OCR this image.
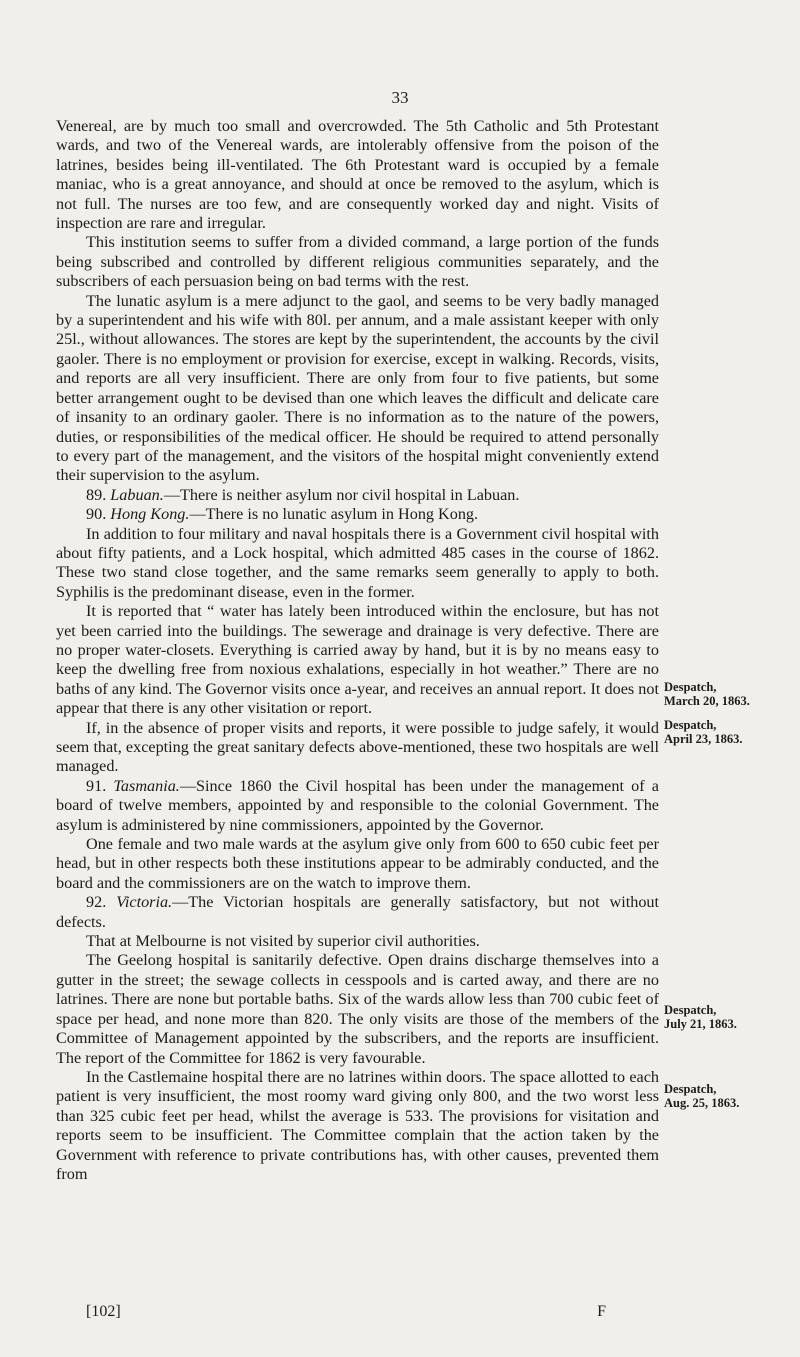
33

Venereal, are by much too small and overcrowded. The 5th Catholic and 5th Protestant wards, and two of the Venereal wards, are intolerably offensive from the poison of the latrines, besides being ill-ventilated. The 6th Protestant ward is occupied by a female maniac, who is a great annoyance, and should at once be removed to the asylum, which is not full. The nurses are too few, and are consequently worked day and night. Visits of inspection are rare and irregular.

This institution seems to suffer from a divided command, a large portion of the funds being subscribed and controlled by different religious communities separately, and the subscribers of each persuasion being on bad terms with the rest.

The lunatic asylum is a mere adjunct to the gaol, and seems to be very badly managed by a superintendent and his wife with 80l. per annum, and a male assistant keeper with only 25l., without allowances. The stores are kept by the superintendent, the accounts by the civil gaoler. There is no employment or provision for exercise, except in walking. Records, visits, and reports are all very insufficient. There are only from four to five patients, but some better arrangement ought to be devised than one which leaves the difficult and delicate care of insanity to an ordinary gaoler. There is no information as to the nature of the powers, duties, or responsibilities of the medical officer. He should be required to attend personally to every part of the management, and the visitors of the hospital might conveniently extend their supervision to the asylum.

89. Labuan.—There is neither asylum nor civil hospital in Labuan.

90. Hong Kong.—There is no lunatic asylum in Hong Kong.

In addition to four military and naval hospitals there is a Government civil hospital with about fifty patients, and a Lock hospital, which admitted 485 cases in the course of 1862. These two stand close together, and the same remarks seem generally to apply to both. Syphilis is the predominant disease, even in the former.

It is reported that “ water has lately been introduced within the enclosure, but has not yet been carried into the buildings. The sewerage and drainage is very defective. There are no proper water-closets. Everything is carried away by hand, but it is by no means easy to keep the dwelling free from noxious exhalations, especially in hot weather.” There are no baths of any kind. The Governor visits once a-year, and receives an annual report. It does not appear that there is any other visitation or report.

If, in the absence of proper visits and reports, it were possible to judge safely, it would seem that, excepting the great sanitary defects above-mentioned, these two hospitals are well managed.

91. Tasmania.—Since 1860 the Civil hospital has been under the management of a board of twelve members, appointed by and responsible to the colonial Government. The asylum is administered by nine commissioners, appointed by the Governor.

One female and two male wards at the asylum give only from 600 to 650 cubic feet per head, but in other respects both these institutions appear to be admirably conducted, and the board and the commissioners are on the watch to improve them.

92. Victoria.—The Victorian hospitals are generally satisfactory, but not without defects.

That at Melbourne is not visited by superior civil authorities.

The Geelong hospital is sanitarily defective. Open drains discharge themselves into a gutter in the street; the sewage collects in cesspools and is carted away, and there are no latrines. There are none but portable baths. Six of the wards allow less than 700 cubic feet of space per head, and none more than 820. The only visits are those of the members of the Committee of Management appointed by the subscribers, and the reports are insufficient. The report of the Committee for 1862 is very favourable.

In the Castlemaine hospital there are no latrines within doors. The space allotted to each patient is very insufficient, the most roomy ward giving only 800, and the two worst less than 325 cubic feet per head, whilst the average is 533. The provisions for visitation and reports seem to be insufficient. The Committee complain that the action taken by the Government with reference to private contributions has, with other causes, prevented them from

Despatch,
March 20, 1863.
Despatch,
April 23, 1863.
Despatch,
July 21, 1863.
Despatch,
Aug. 25, 1863.
[102]	F
